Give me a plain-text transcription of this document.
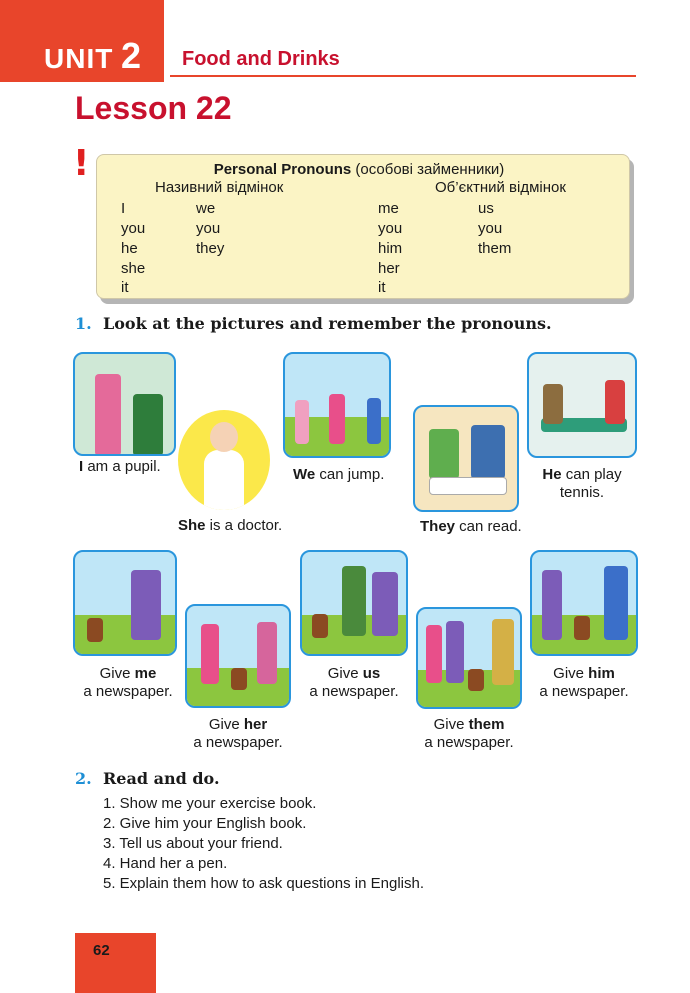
UNIT 2 Food and Drinks
Lesson 22
!	Personal Pronouns (особові займенники)
Називний відмінок	Об’єктний відмінок
I
you
he
she
it
we
you
they
me
you
him
her
it
us
you
them
1. Look at the pictures and remember the pronouns.
I am a pupil.
She is a doctor.
We can jump.
They can read.
He can play
tennis.
Give me
a newspaper.
Give her
a newspaper.
Give us
a newspaper.
Give them
a newspaper.
Give him
a newspaper.
2. Read and do.
1. Show me your exercise book.
2. Give him your English book.
3. Tell us about your friend.
4. Hand her a pen.
5. Explain them how to ask questions in English.
62
